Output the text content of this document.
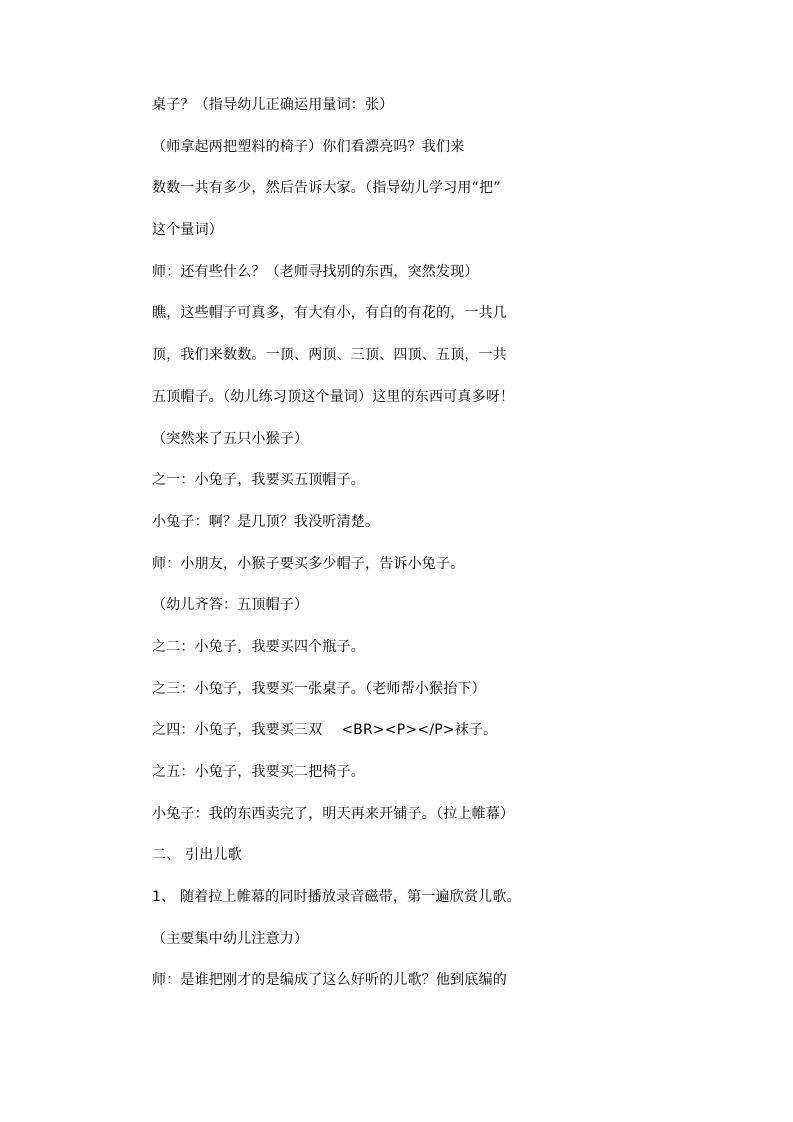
桌子？（指导幼儿正确运用量词：张）
（师拿起两把塑料的椅子）你们看漂亮吗？我们来
数数一共有多少，然后告诉大家。（指导幼儿学习用“把”
这个量词）
师：还有些什么？（老师寻找别的东西，突然发现）
瞧，这些帽子可真多，有大有小，有白的有花的，一共几
顶，我们来数数。一顶、两顶、三顶、四顶、五顶，一共
五顶帽子。（幼儿练习顶这个量词）这里的东西可真多呀！
（突然来了五只小猴子）
之一：小兔子，我要买五顶帽子。
小兔子：啊？是几顶？我没听清楚。
师：小朋友，小猴子要买多少帽子，告诉小兔子。
（幼儿齐答：五顶帽子）
之二：小兔子，我要买四个瓶子。
之三：小兔子，我要买一张桌子。（老师帮小猴抬下）
之四：小兔子，我要买三双　 <BR><P></P>袜子。
之五：小兔子，我要买二把椅子。
小兔子：我的东西卖完了，明天再来开铺子。（拉上帷幕）
二、 引出儿歌
1、 随着拉上帷幕的同时播放录音磁带，第一遍欣赏儿歌。
（主要集中幼儿注意力）
师：是谁把刚才的是编成了这么好听的儿歌？他到底编的
